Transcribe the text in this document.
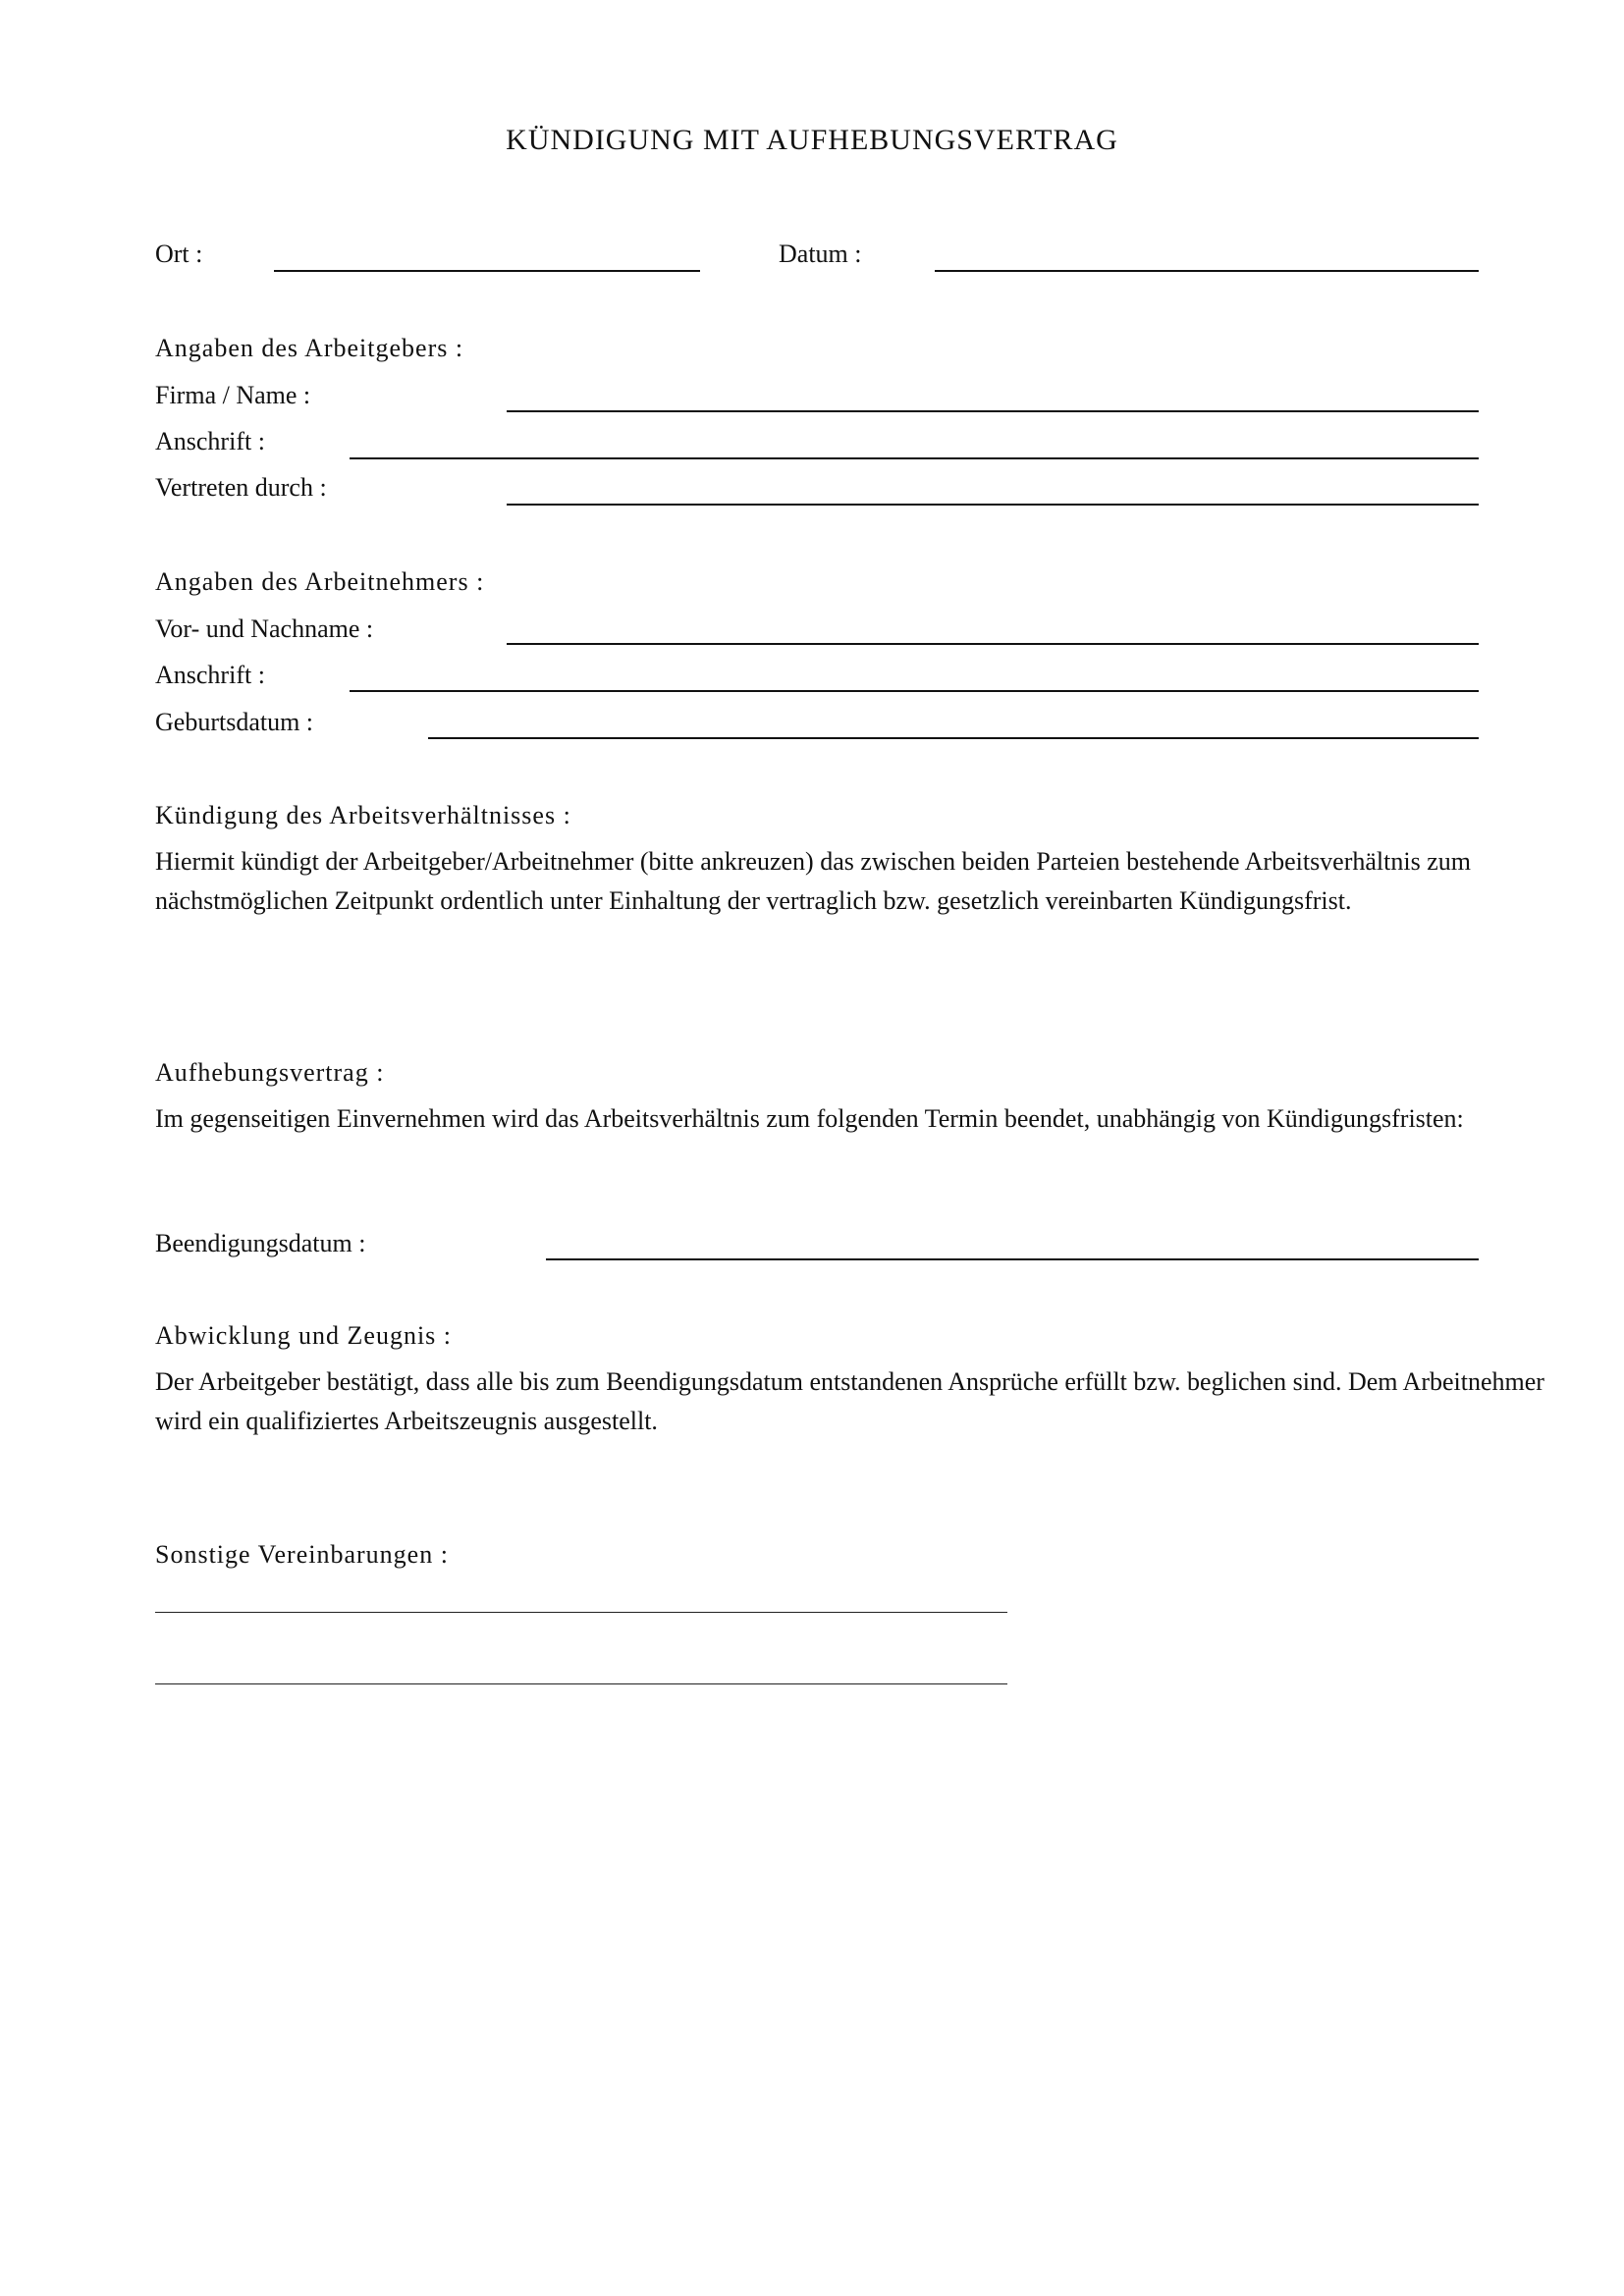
KÜNDIGUNG MIT AUFHEBUNGSVERTRAG
Ort :	Datum :
Angaben des Arbeitgebers :
Firma / Name :
Anschrift :
Vertreten durch :
Angaben des Arbeitnehmers :
Vor- und Nachname :
Anschrift :
Geburtsdatum :
Kündigung des Arbeitsverhältnisses :
Hiermit kündigt der Arbeitgeber/Arbeitnehmer (bitte ankreuzen) das zwischen beiden Parteien bestehende Arbeitsverhältnis zum nächstmöglichen Zeitpunkt ordentlich unter Einhaltung der vertraglich bzw. gesetzlich vereinbarten Kündigungsfrist.
Aufhebungsvertrag :
Im gegenseitigen Einvernehmen wird das Arbeitsverhältnis zum folgenden Termin beendet, unabhängig von Kündigungsfristen:
Beendigungsdatum :
Abwicklung und Zeugnis :
Der Arbeitgeber bestätigt, dass alle bis zum Beendigungsdatum entstandenen Ansprüche erfüllt bzw. beglichen sind. Dem Arbeitnehmer wird ein qualifiziertes Arbeitszeugnis ausgestellt.
Sonstige Vereinbarungen :
